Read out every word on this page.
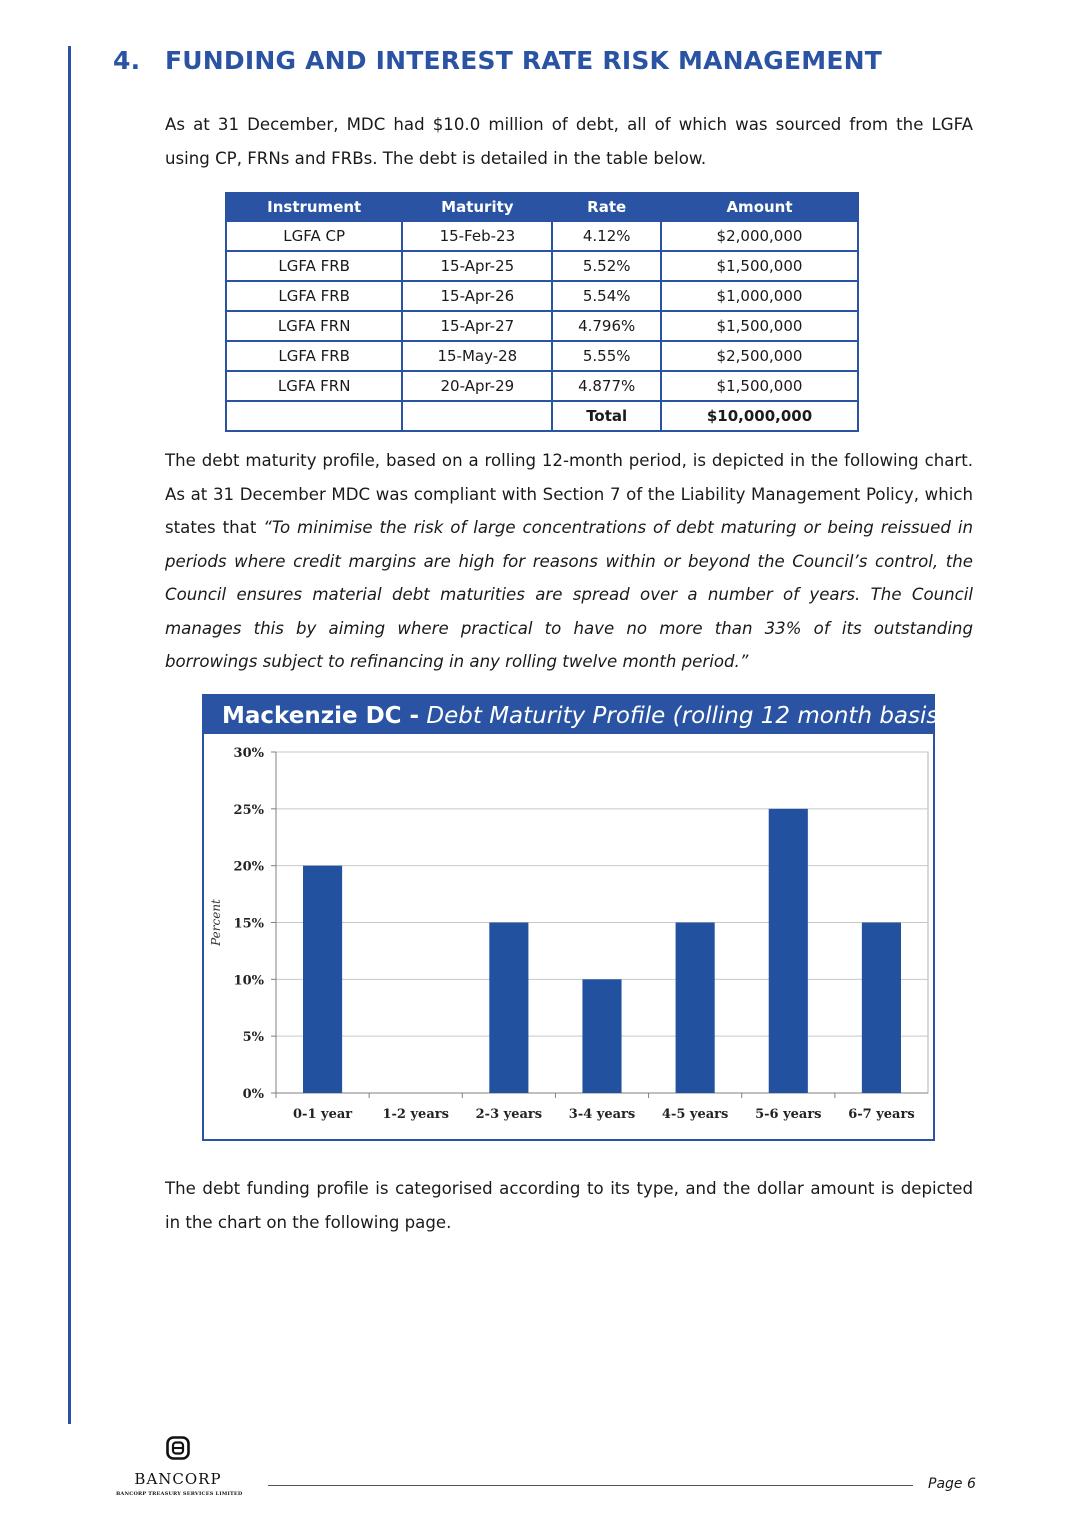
4. FUNDING AND INTEREST RATE RISK MANAGEMENT

As at 31 December, MDC had $10.0 million of debt, all of which was sourced from the LGFA using CP, FRNs and FRBs. The debt is detailed in the table below.

Instrument	Maturity	Rate	Amount
LGFA CP	15-Feb-23	4.12%	$2,000,000
LGFA FRB	15-Apr-25	5.52%	$1,500,000
LGFA FRB	15-Apr-26	5.54%	$1,000,000
LGFA FRN	15-Apr-27	4.796%	$1,500,000
LGFA FRB	15-May-28	5.55%	$2,500,000
LGFA FRN	20-Apr-29	4.877%	$1,500,000
		Total	$10,000,000

The debt maturity profile, based on a rolling 12-month period, is depicted in the following chart. As at 31 December MDC was compliant with Section 7 of the Liability Management Policy, which states that “To minimise the risk of large concentrations of debt maturing or being reissued in periods where credit margins are high for reasons within or beyond the Council’s control, the Council ensures material debt maturities are spread over a number of years. The Council manages this by aiming where practical to have no more than 33% of its outstanding borrowings subject to refinancing in any rolling twelve month period.”

Mackenzie DC - Debt Maturity Profile (rolling 12 month basis)
0%
5%
10%
15%
20%
25%
30%
0-1 year 1-2 years 2-3 years 3-4 years 4-5 years 5-6 years 6-7 years
Percent

The debt funding profile is categorised according to its type, and the dollar amount is depicted in the chart on the following page.

BANCORP
BANCORP TREASURY SERVICES LIMITED
Page 6
